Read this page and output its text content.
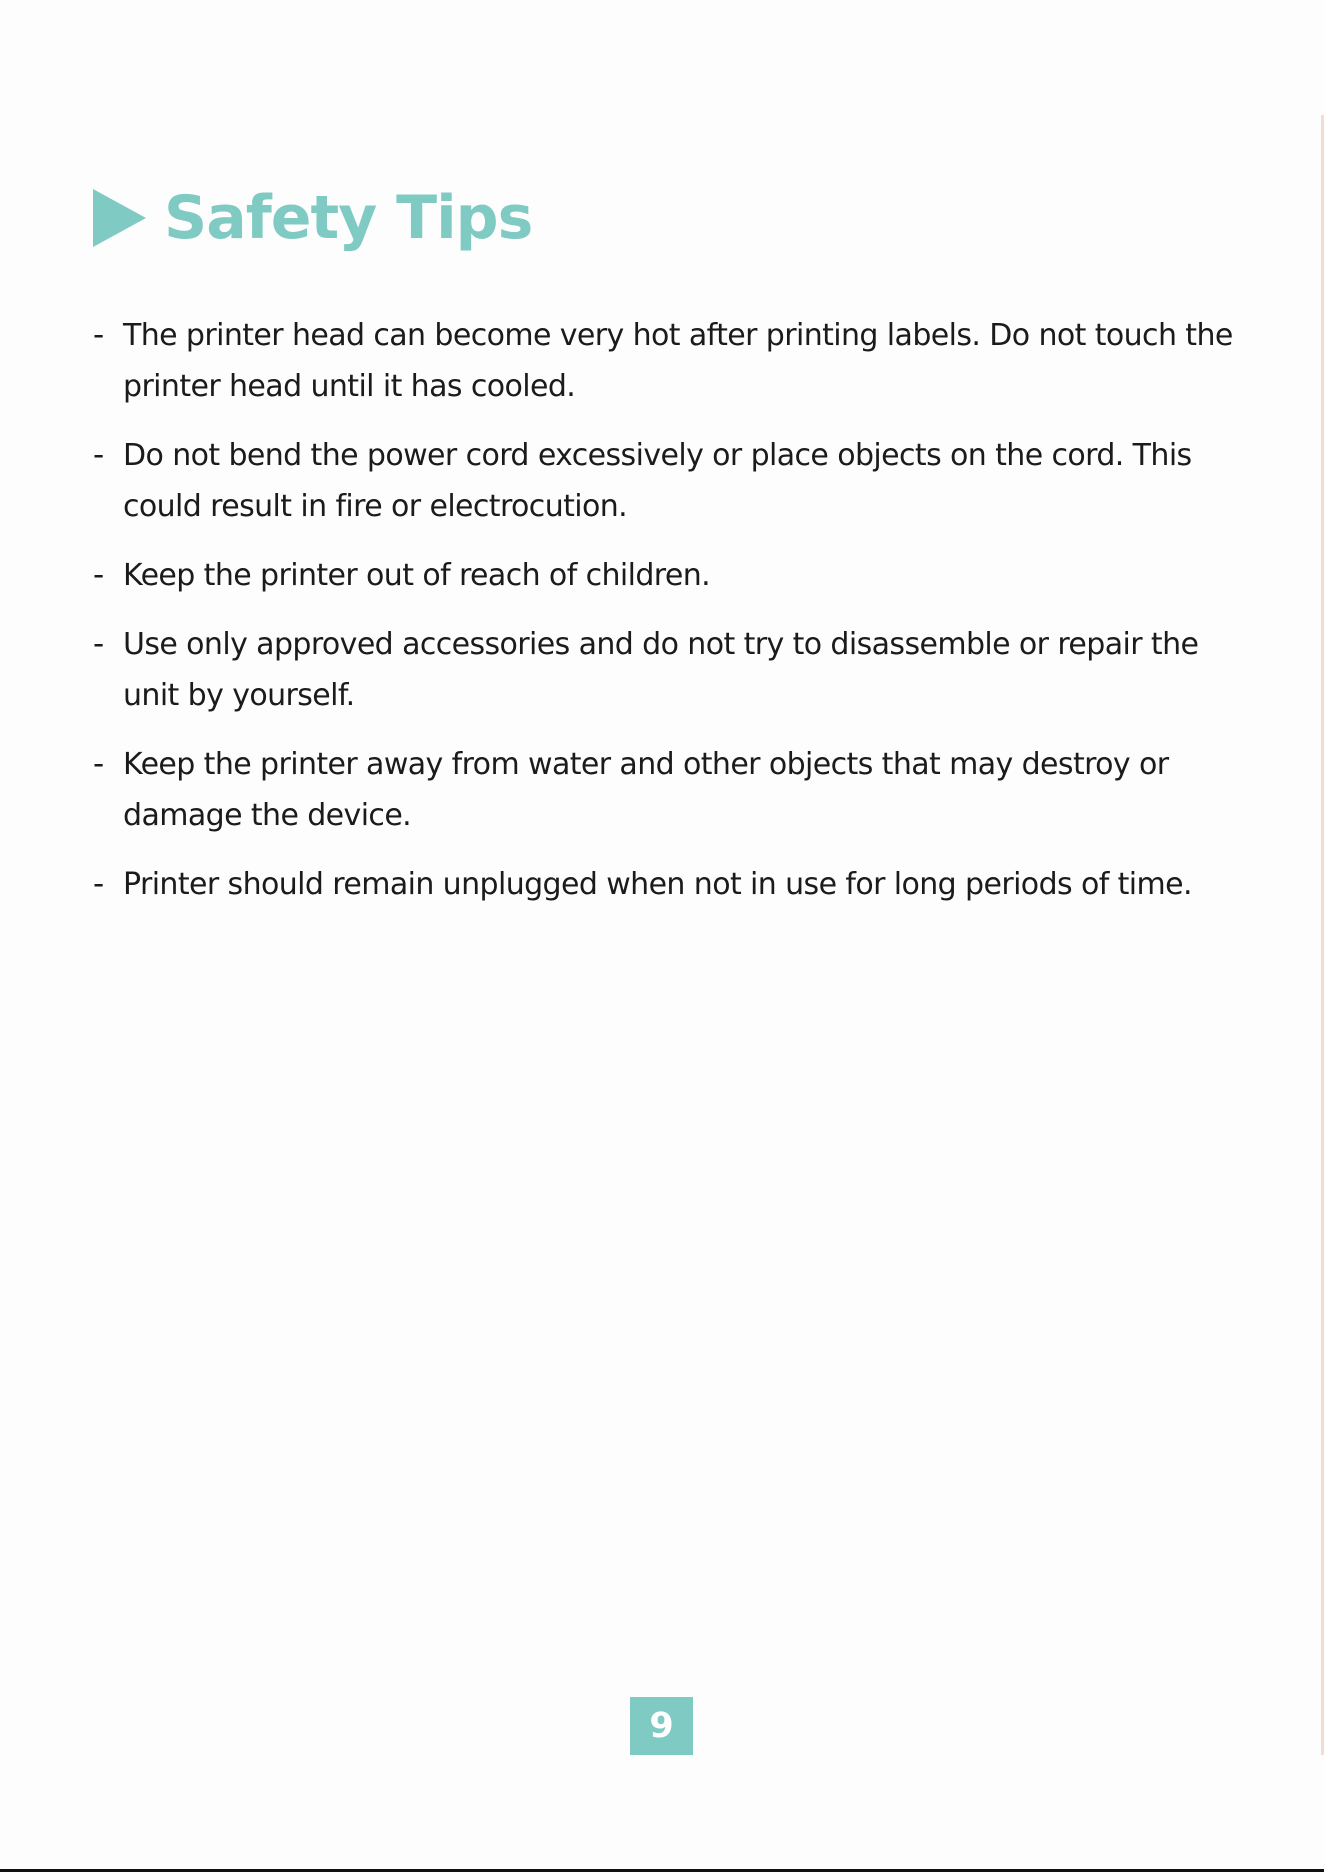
Safety Tips
- The printer head can become very hot after printing labels. Do not touch the printer head until it has cooled.
- Do not bend the power cord excessively or place objects on the cord. This could result in fire or electrocution.
- Keep the printer out of reach of children.
- Use only approved accessories and do not try to disassemble or repair the unit by yourself.
- Keep the printer away from water and other objects that may destroy or damage the device.
- Printer should remain unplugged when not in use for long periods of time.
9
